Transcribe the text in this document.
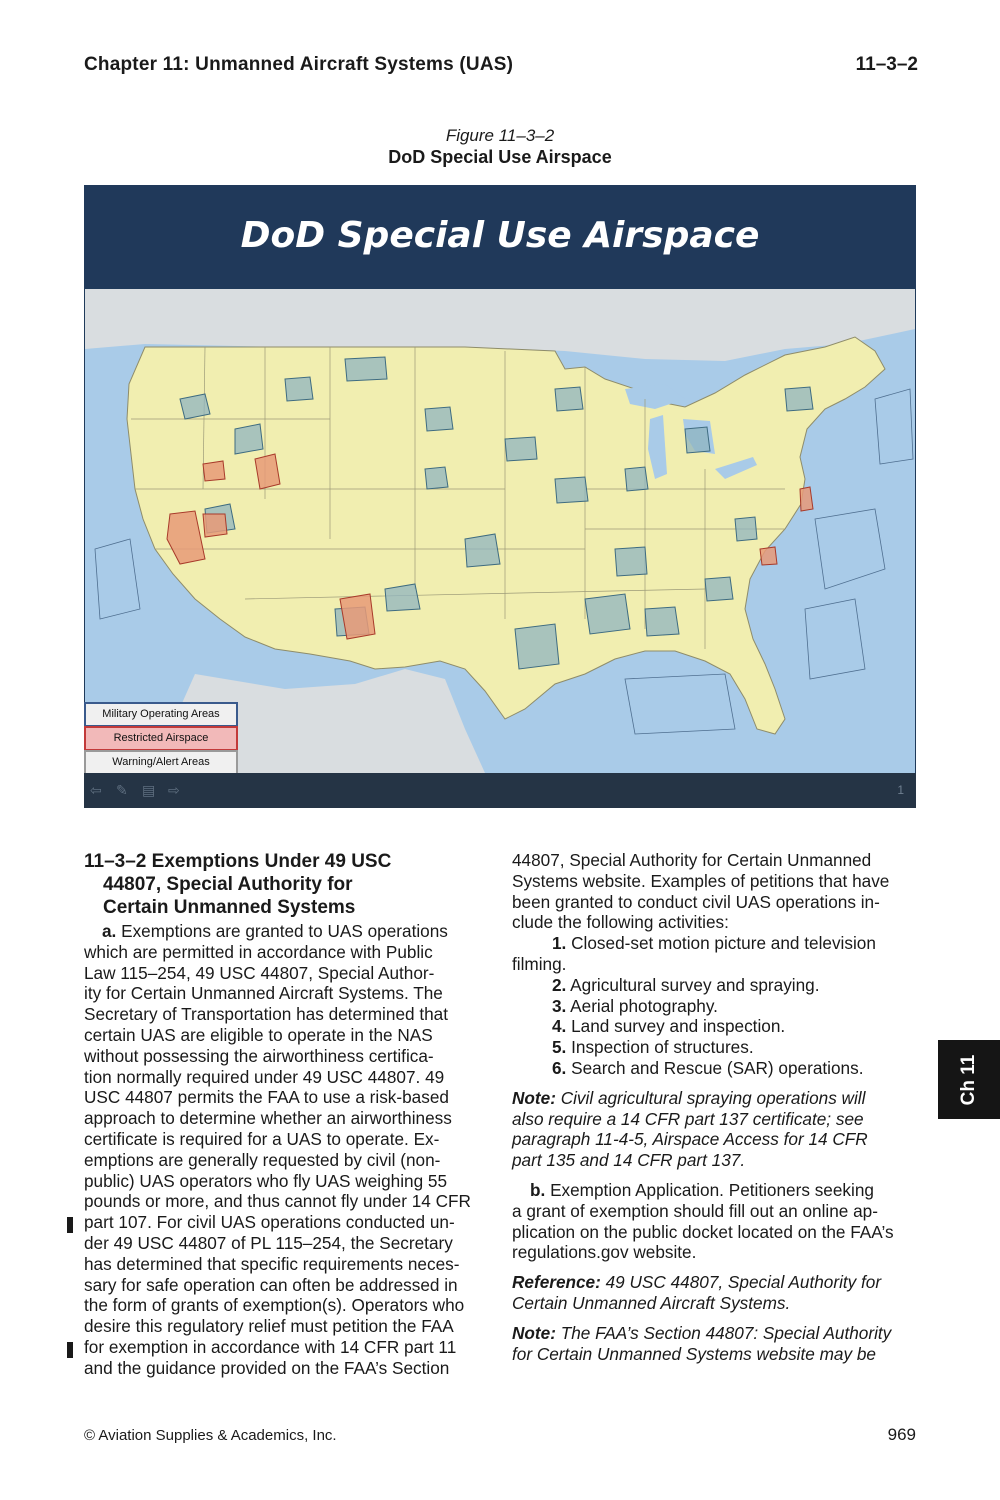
Chapter 11: Unmanned Aircraft Systems (UAS)	11–3–2
Figure 11–3–2
DoD Special Use Airspace
DoD Special Use Airspace
Military Operating Areas
Restricted Airspace
Warning/Alert Areas
⇦ ✎ ▤ ⇨	1
11–3–2 Exemptions Under 49 USC
44807, Special Authority for
Certain Unmanned Systems

a. Exemptions are granted to UAS operations

which are permitted in accordance with Public

Law 115–254, 49 USC 44807, Special Author-

ity for Certain Unmanned Aircraft Systems. The

Secretary of Transportation has determined that

certain UAS are eligible to operate in the NAS

without possessing the airworthiness certifica-

tion normally required under 49 USC 44807. 49

USC 44807 permits the FAA to use a risk-based

approach to determine whether an airworthiness

certificate is required for a UAS to operate. Ex-

emptions are generally requested by civil (non-

public) UAS operators who fly UAS weighing 55

pounds or more, and thus cannot fly under 14 CFR

part 107. For civil UAS operations conducted un-

der 49 USC 44807 of PL 115–254, the Secretary

has determined that specific requirements neces-

sary for safe operation can often be addressed in

the form of grants of exemption(s). Operators who

desire this regulatory relief must petition the FAA

for exemption in accordance with 14 CFR part 11

and the guidance provided on the FAA’s Section

44807, Special Authority for Certain Unmanned

Systems website. Examples of petitions that have

been granted to conduct civil UAS operations in-

clude the following activities:

1. Closed-set motion picture and television

filming.

2. Agricultural survey and spraying.

3. Aerial photography.

4. Land survey and inspection.

5. Inspection of structures.

6. Search and Rescue (SAR) operations.

Note: Civil agricultural spraying operations will
also require a 14 CFR part 137 certificate; see
paragraph 11-4-5, Airspace Access for 14 CFR
part 135 and 14 CFR part 137.

b. Exemption Application. Petitioners seeking

a grant of exemption should fill out an online ap-

plication on the public docket located on the FAA’s

regulations.gov website.

Reference: 49 USC 44807, Special Authority for
Certain Unmanned Aircraft Systems.
Note: The FAA’s Section 44807: Special Authority
for Certain Unmanned Systems website may be
Ch 11
© Aviation Supplies & Academics, Inc.	969
